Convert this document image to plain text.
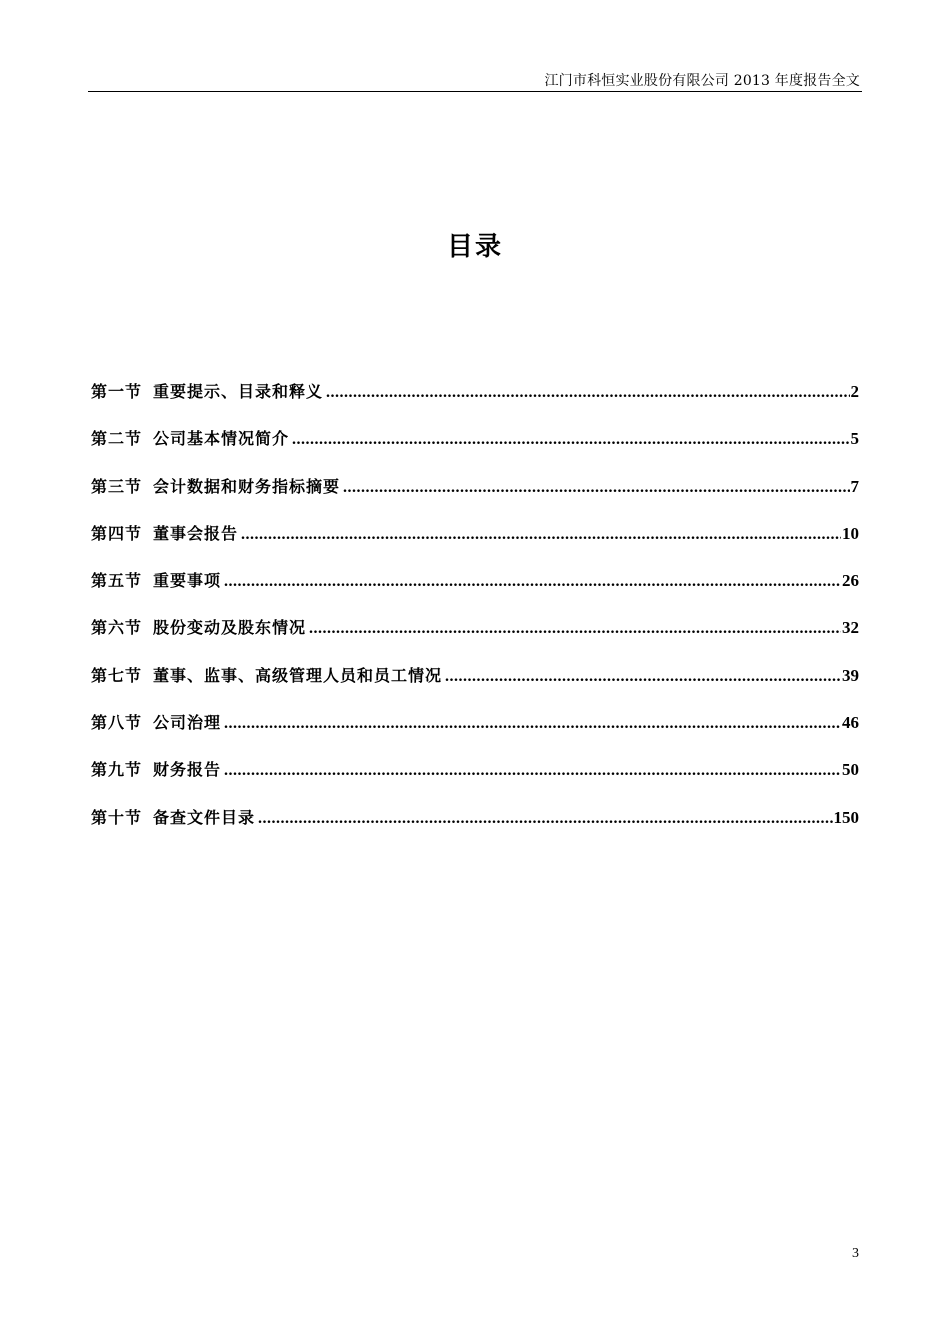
江门市科恒实业股份有限公司 2013 年度报告全文
目录
第一节 重要提示、目录和释义 .....	2
第二节 公司基本情况简介 .....	5
第三节 会计数据和财务指标摘要 .....	7
第四节 董事会报告 .....	10
第五节 重要事项 .....	26
第六节 股份变动及股东情况 .....	32
第七节 董事、监事、高级管理人员和员工情况 .....	39
第八节 公司治理 .....	46
第九节 财务报告 .....	50
第十节 备查文件目录 .....	150
3
